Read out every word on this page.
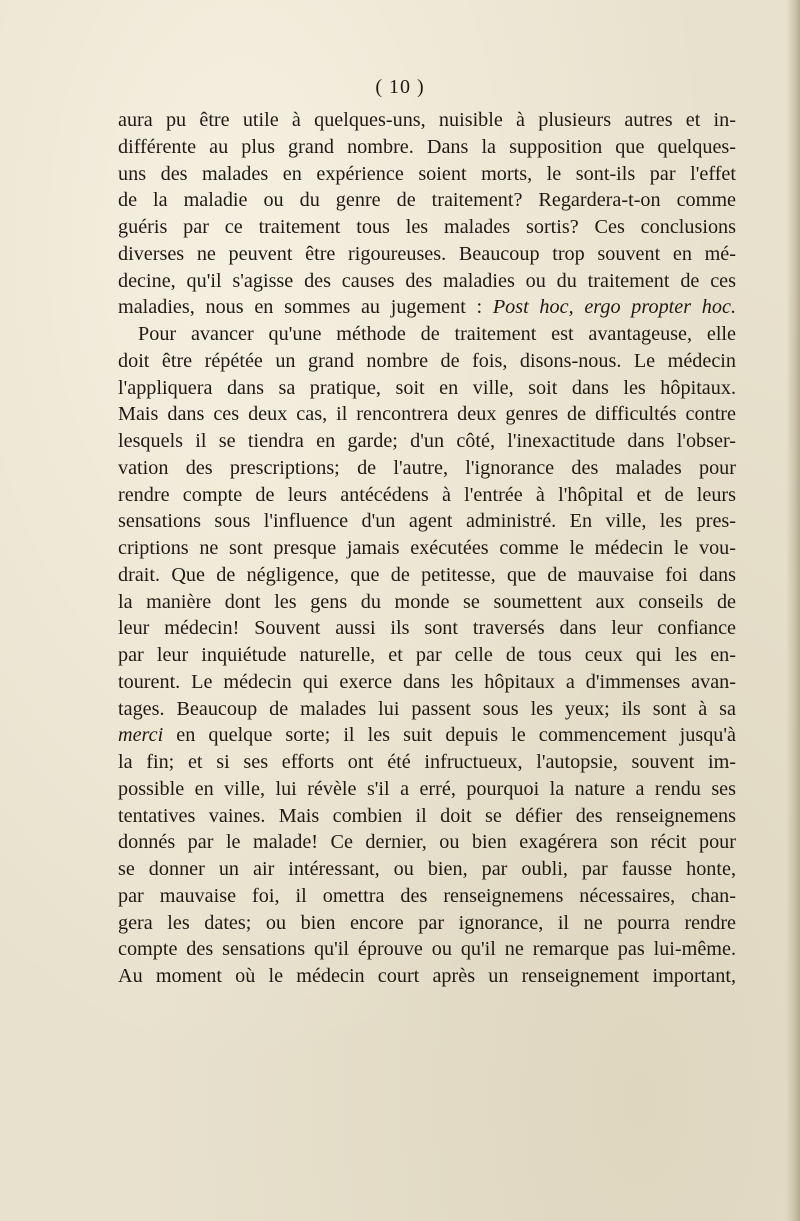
( 10 )
aura pu être utile à quelques-uns, nuisible à plusieurs autres et in-
différente au plus grand nombre. Dans la supposition que quelques-
uns des malades en expérience soient morts, le sont-ils par l'effet
de la maladie ou du genre de traitement? Regardera-t-on comme
guéris par ce traitement tous les malades sortis? Ces conclusions
diverses ne peuvent être rigoureuses. Beaucoup trop souvent en mé-
decine, qu'il s'agisse des causes des maladies ou du traitement de ces
maladies, nous en sommes au jugement : Post hoc, ergo propter hoc.
Pour avancer qu'une méthode de traitement est avantageuse, elle
doit être répétée un grand nombre de fois, disons-nous. Le médecin
l'appliquera dans sa pratique, soit en ville, soit dans les hôpitaux.
Mais dans ces deux cas, il rencontrera deux genres de difficultés contre
lesquels il se tiendra en garde; d'un côté, l'inexactitude dans l'obser-
vation des prescriptions; de l'autre, l'ignorance des malades pour
rendre compte de leurs antécédens à l'entrée à l'hôpital et de leurs
sensations sous l'influence d'un agent administré. En ville, les pres-
criptions ne sont presque jamais exécutées comme le médecin le vou-
drait. Que de négligence, que de petitesse, que de mauvaise foi dans
la manière dont les gens du monde se soumettent aux conseils de
leur médecin! Souvent aussi ils sont traversés dans leur confiance
par leur inquiétude naturelle, et par celle de tous ceux qui les en-
tourent. Le médecin qui exerce dans les hôpitaux a d'immenses avan-
tages. Beaucoup de malades lui passent sous les yeux; ils sont à sa
merci en quelque sorte; il les suit depuis le commencement jusqu'à
la fin; et si ses efforts ont été infructueux, l'autopsie, souvent im-
possible en ville, lui révèle s'il a erré, pourquoi la nature a rendu ses
tentatives vaines. Mais combien il doit se défier des renseignemens
donnés par le malade! Ce dernier, ou bien exagérera son récit pour
se donner un air intéressant, ou bien, par oubli, par fausse honte,
par mauvaise foi, il omettra des renseignemens nécessaires, chan-
gera les dates; ou bien encore par ignorance, il ne pourra rendre
compte des sensations qu'il éprouve ou qu'il ne remarque pas lui-même.
Au moment où le médecin court après un renseignement important,
